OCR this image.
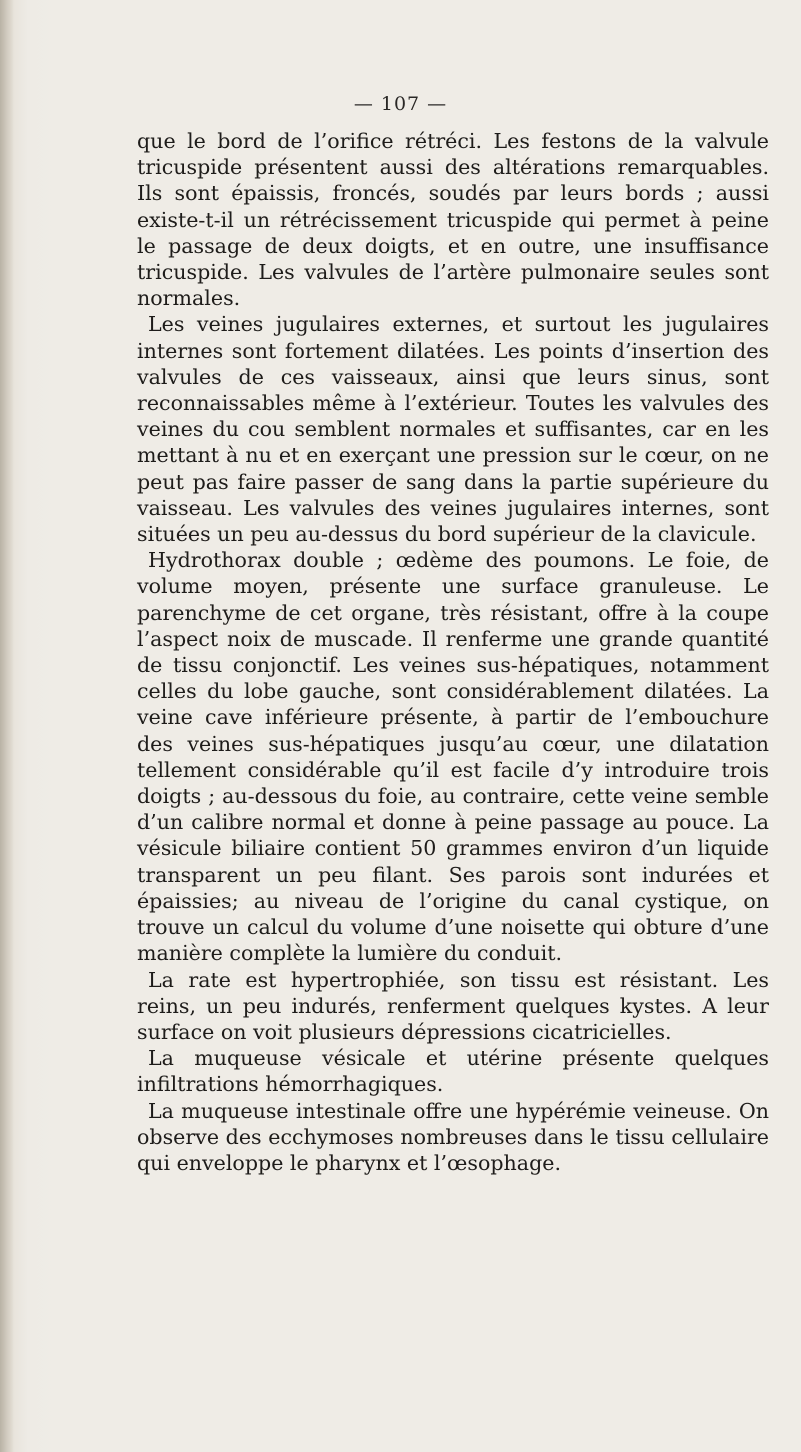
— 107 —

que le bord de l’orifice rétréci. Les festons de la valvule tricuspide présentent aussi des altérations remarquables. Ils sont épaissis, froncés, soudés par leurs bords ; aussi existe-t-il un rétrécissement tricuspide qui permet à peine le passage de deux doigts, et en outre, une insuffisance tricuspide. Les valvules de l’artère pulmonaire seules sont normales.

Les veines jugulaires externes, et surtout les jugulaires internes sont fortement dilatées. Les points d’insertion des valvules de ces vaisseaux, ainsi que leurs sinus, sont reconnaissables même à l’extérieur. Toutes les valvules des veines du cou semblent normales et suffisantes, car en les mettant à nu et en exerçant une pression sur le cœur, on ne peut pas faire passer de sang dans la partie supérieure du vaisseau. Les valvules des veines jugulaires internes, sont situées un peu au-dessus du bord supérieur de la clavicule.

Hydrothorax double ; œdème des poumons. Le foie, de volume moyen, présente une surface granuleuse. Le parenchyme de cet organe, très résistant, offre à la coupe l’aspect noix de muscade. Il renferme une grande quantité de tissu conjonctif. Les veines sus-hépatiques, notamment celles du lobe gauche, sont considérablement dilatées. La veine cave inférieure présente, à partir de l’embouchure des veines sus-hépatiques jusqu’au cœur, une dilatation tellement considérable qu’il est facile d’y introduire trois doigts ; au-dessous du foie, au contraire, cette veine semble d’un calibre normal et donne à peine passage au pouce. La vésicule biliaire contient 50 grammes environ d’un liquide transparent un peu filant. Ses parois sont indurées et épaissies; au niveau de l’origine du canal cystique, on trouve un calcul du volume d’une noisette qui obture d’une manière complète la lumière du conduit.

La rate est hypertrophiée, son tissu est résistant. Les reins, un peu indurés, renferment quelques kystes. A leur surface on voit plusieurs dépressions cicatricielles.

La muqueuse vésicale et utérine présente quelques infiltrations hémorrhagiques.

La muqueuse intestinale offre une hypérémie veineuse. On observe des ecchymoses nombreuses dans le tissu cellulaire qui enveloppe le pharynx et l’œsophage.
